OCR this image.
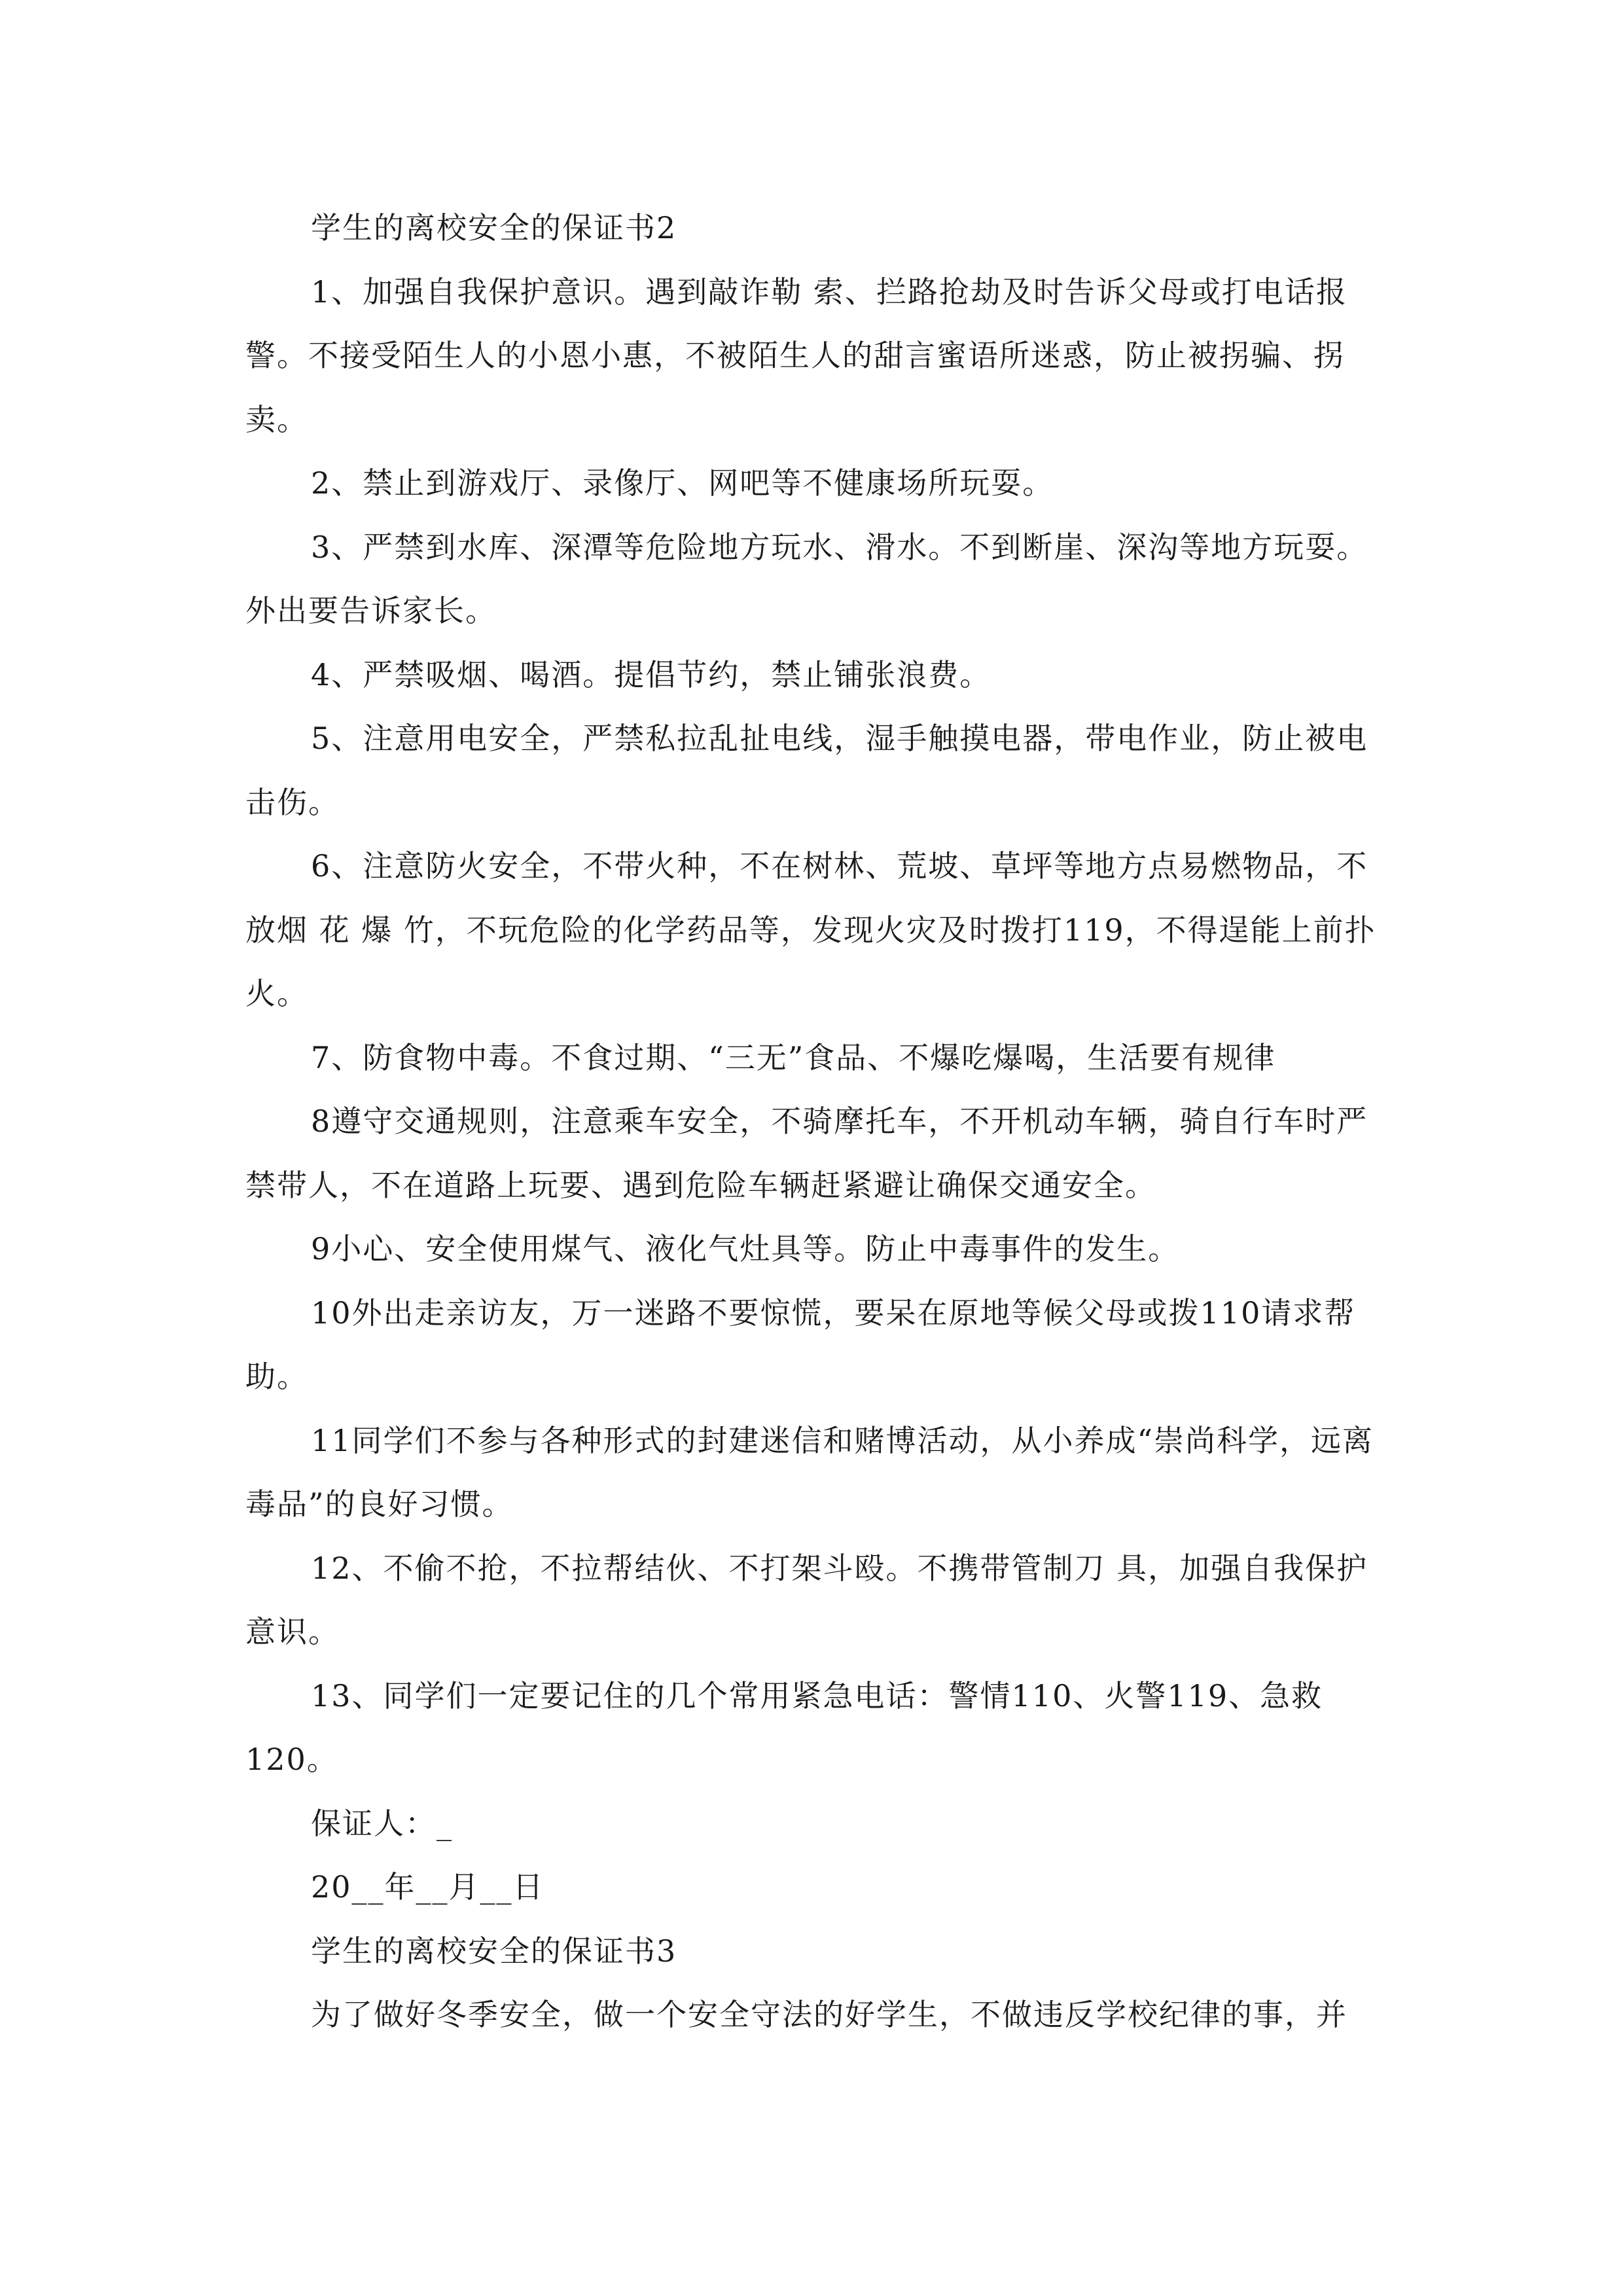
学生的离校安全的保证书2

1、加强自我保护意识。遇到敲诈勒 索、拦路抢劫及时告诉父母或打电话报警。不接受陌生人的小恩小惠，不被陌生人的甜言蜜语所迷惑，防止被拐骗、拐卖。

2、禁止到游戏厅、录像厅、网吧等不健康场所玩耍。

3、严禁到水库、深潭等危险地方玩水、滑水。不到断崖、深沟等地方玩耍。外出要告诉家长。

4、严禁吸烟、喝酒。提倡节约，禁止铺张浪费。

5、注意用电安全，严禁私拉乱扯电线，湿手触摸电器，带电作业，防止被电击伤。

6、注意防火安全，不带火种，不在树林、荒坡、草坪等地方点易燃物品，不放烟 花 爆 竹，不玩危险的化学药品等，发现火灾及时拨打119，不得逞能上前扑火。

7、防食物中毒。不食过期、“三无”食品、不爆吃爆喝，生活要有规律

8遵守交通规则，注意乘车安全，不骑摩托车，不开机动车辆，骑自行车时严禁带人，不在道路上玩要、遇到危险车辆赶紧避让确保交通安全。

9小心、安全使用煤气、液化气灶具等。防止中毒事件的发生。

10外出走亲访友，万一迷路不要惊慌，要呆在原地等候父母或拨110请求帮助。

11同学们不参与各种形式的封建迷信和赌博活动，从小养成“崇尚科学，远离毒品”的良好习惯。

12、不偷不抢，不拉帮结伙、不打架斗殴。不携带管制刀 具，加强自我保护意识。

13、同学们一定要记住的几个常用紧急电话：警情110、火警119、急救120。

保证人：_

20__年__月__日

学生的离校安全的保证书3

为了做好冬季安全，做一个安全守法的好学生，不做违反学校纪律的事，并
